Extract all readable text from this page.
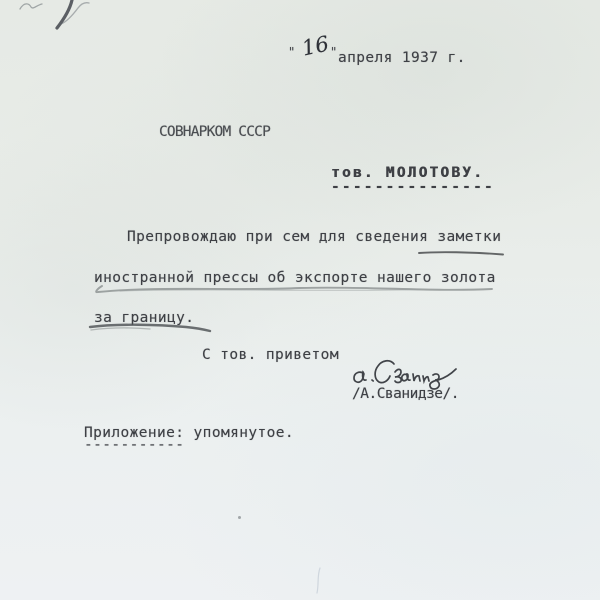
" 16 " апреля 1937 г.
СОВНАРКОМ СССР
тов. МОЛОТОВУ.
---------------
Препровождаю при сем для сведения заметки
иностранной прессы об экспорте нашего золота
за границу.
С тов. приветом
/А.Сванидзе/.
Приложение: упомянутое.
-----------
